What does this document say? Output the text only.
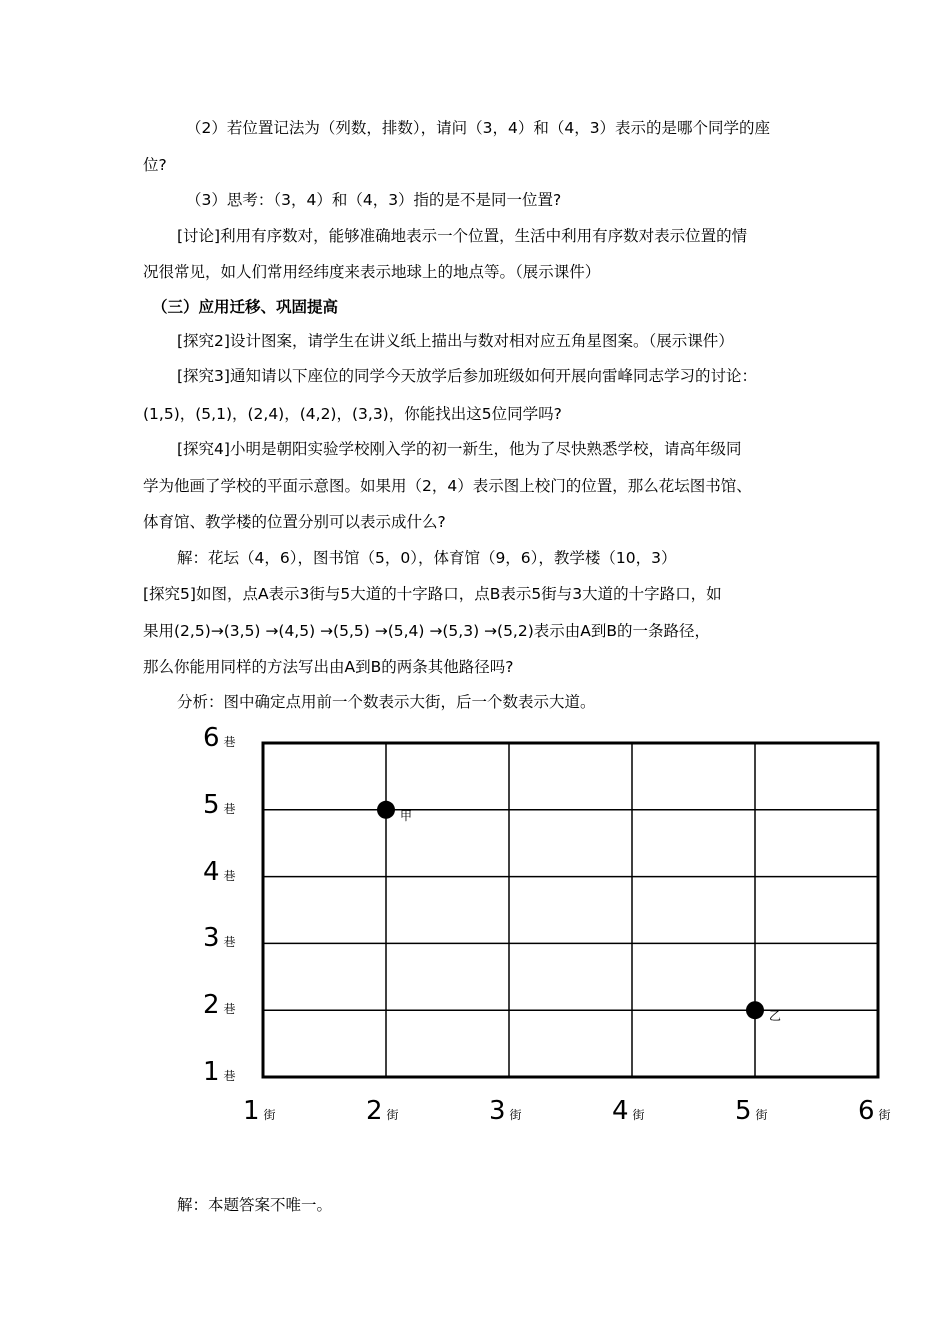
（2）若位置记法为（列数，排数），请问（3，4）和（4，3）表示的是哪个同学的座
位?
（3）思考：（3，4）和（4，3）指的是不是同一位置?
[讨论]利用有序数对，能够准确地表示一个位置，生活中利用有序数对表示位置的情
况很常见，如人们常用经纬度来表示地球上的地点等。（展示课件）
（三）应用迁移、巩固提高
[探究2]设计图案，请学生在讲义纸上描出与数对相对应五角星图案。（展示课件）
[探究3]通知请以下座位的同学今天放学后参加班级如何开展向雷峰同志学习的讨论：
(1,5)，(5,1)，(2,4)，(4,2)，(3,3)，你能找出这5位同学吗?
[探究4]小明是朝阳实验学校刚入学的初一新生，他为了尽快熟悉学校，请高年级同
学为他画了学校的平面示意图。如果用（2，4）表示图上校门的位置，那么花坛图书馆、
体育馆、教学楼的位置分别可以表示成什么?
解：花坛（4，6），图书馆（5，0），体育馆（9，6），教学楼（10，3）
[探究5]如图，点A表示3街与5大道的十字路口，点B表示5街与3大道的十字路口，如
果用(2,5)→(3,5) →(4,5) →(5,5) →(5,4) →(5,3) →(5,2)表示由A到B的一条路径，
那么你能用同样的方法写出由A到B的两条其他路径吗?
分析：图中确定点用前一个数表示大街，后一个数表示大道。
甲
乙
6 巷
5 巷
4 巷
3 巷
2 巷
1 巷
1 街	2 街	3 街	4 街	5 街	6 街
解：本题答案不唯一。
